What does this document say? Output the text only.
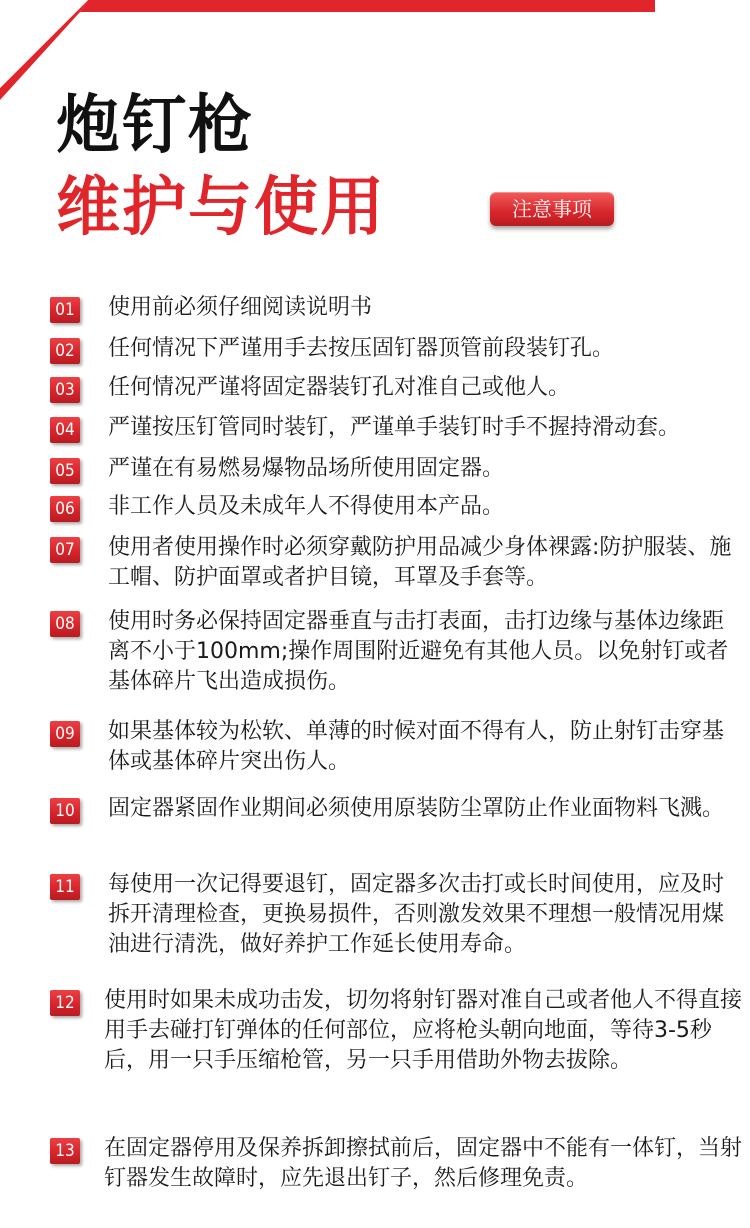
炮钉枪
维护与使用	注意事项
01 使用前必须仔细阅读说明书
02 任何情况下严谨用手去按压固钉器顶管前段装钉孔。
03 任何情况严谨将固定器装钉孔对准自己或他人。
04 严谨按压钉管同时装钉，严谨单手装钉时手不握持滑动套。
05 严谨在有易燃易爆物品场所使用固定器。
06 非工作人员及未成年人不得使用本产品。
07 使用者使用操作时必须穿戴防护用品减少身体裸露:防护服装、施工帽、防护面罩或者护目镜，耳罩及手套等。
08 使用时务必保持固定器垂直与击打表面，击打边缘与基体边缘距离不小于100mm;操作周围附近避免有其他人员。以免射钉或者基体碎片飞出造成损伤。
09 如果基体较为松软、单薄的时候对面不得有人，防止射钉击穿基体或基体碎片突出伤人。
10 固定器紧固作业期间必须使用原装防尘罩防止作业面物料飞溅。
11 每使用一次记得要退钉，固定器多次击打或长时间使用，应及时拆开清理检查，更换易损件，否则激发效果不理想一般情况用煤油进行清洗，做好养护工作延长使用寿命。
12 使用时如果未成功击发，切勿将射钉器对准自己或者他人不得直接用手去碰打钉弹体的任何部位，应将枪头朝向地面，等待3-5秒后，用一只手压缩枪管，另一只手用借助外物去拔除。
13 在固定器停用及保养拆卸擦拭前后，固定器中不能有一体钉，当射钉器发生故障时，应先退出钉子，然后修理免责。
